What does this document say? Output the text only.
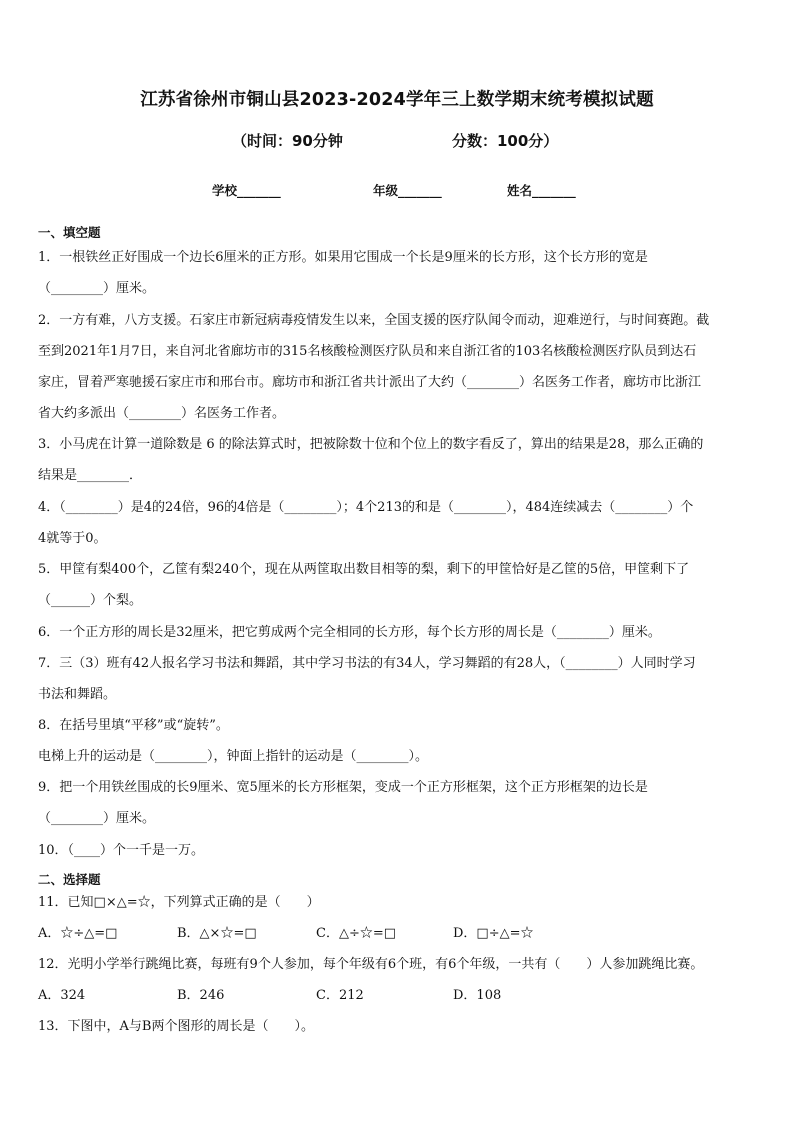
江苏省徐州市铜山县2023-2024学年三上数学期末统考模拟试题
（时间：90分钟	分数：100分）
学校_______	年级_______	姓名_______
一、填空题
1．一根铁丝正好围成一个边长6厘米的正方形。如果用它围成一个长是9厘米的长方形，这个长方形的宽是
（________）厘米。
2．一方有难，八方支援。石家庄市新冠病毒疫情发生以来，全国支援的医疗队闻令而动，迎难逆行，与时间赛跑。截
至到2021年1月7日，来自河北省廊坊市的315名核酸检测医疗队员和来自浙江省的103名核酸检测医疗队员到达石
家庄，冒着严寒驰援石家庄市和邢台市。廊坊市和浙江省共计派出了大约（________）名医务工作者，廊坊市比浙江
省大约多派出（________）名医务工作者。
3．小马虎在计算一道除数是 6 的除法算式时，把被除数十位和个位上的数字看反了，算出的结果是28，那么正确的
结果是________．
4．（________）是4的24倍，96的4倍是（________）；4个213的和是（________），484连续减去（________）个
4就等于0。
5．甲筐有梨400个，乙筐有梨240个，现在从两筐取出数目相等的梨，剩下的甲筐恰好是乙筐的5倍，甲筐剩下了
（______）个梨。
6．一个正方形的周长是32厘米，把它剪成两个完全相同的长方形，每个长方形的周长是（________）厘米。
7．三（3）班有42人报名学习书法和舞蹈，其中学习书法的有34人，学习舞蹈的有28人，（________）人同时学习
书法和舞蹈。
8．在括号里填“平移”或“旋转”。
电梯上升的运动是（________），钟面上指针的运动是（________）。
9．把一个用铁丝围成的长9厘米、宽5厘米的长方形框架，变成一个正方形框架，这个正方形框架的边长是
（________）厘米。
10．（____）个一千是一万。
二、选择题
11．已知□×△=☆，下列算式正确的是（　　）
A．☆÷△=□	B．△×☆=□	C．△÷☆=□	D．□÷△=☆
12．光明小学举行跳绳比赛，每班有9个人参加，每个年级有6个班，有6个年级，一共有（　　）人参加跳绳比赛。
A．324	B．246	C．212	D．108
13．下图中，A与B两个图形的周长是（　　）。
